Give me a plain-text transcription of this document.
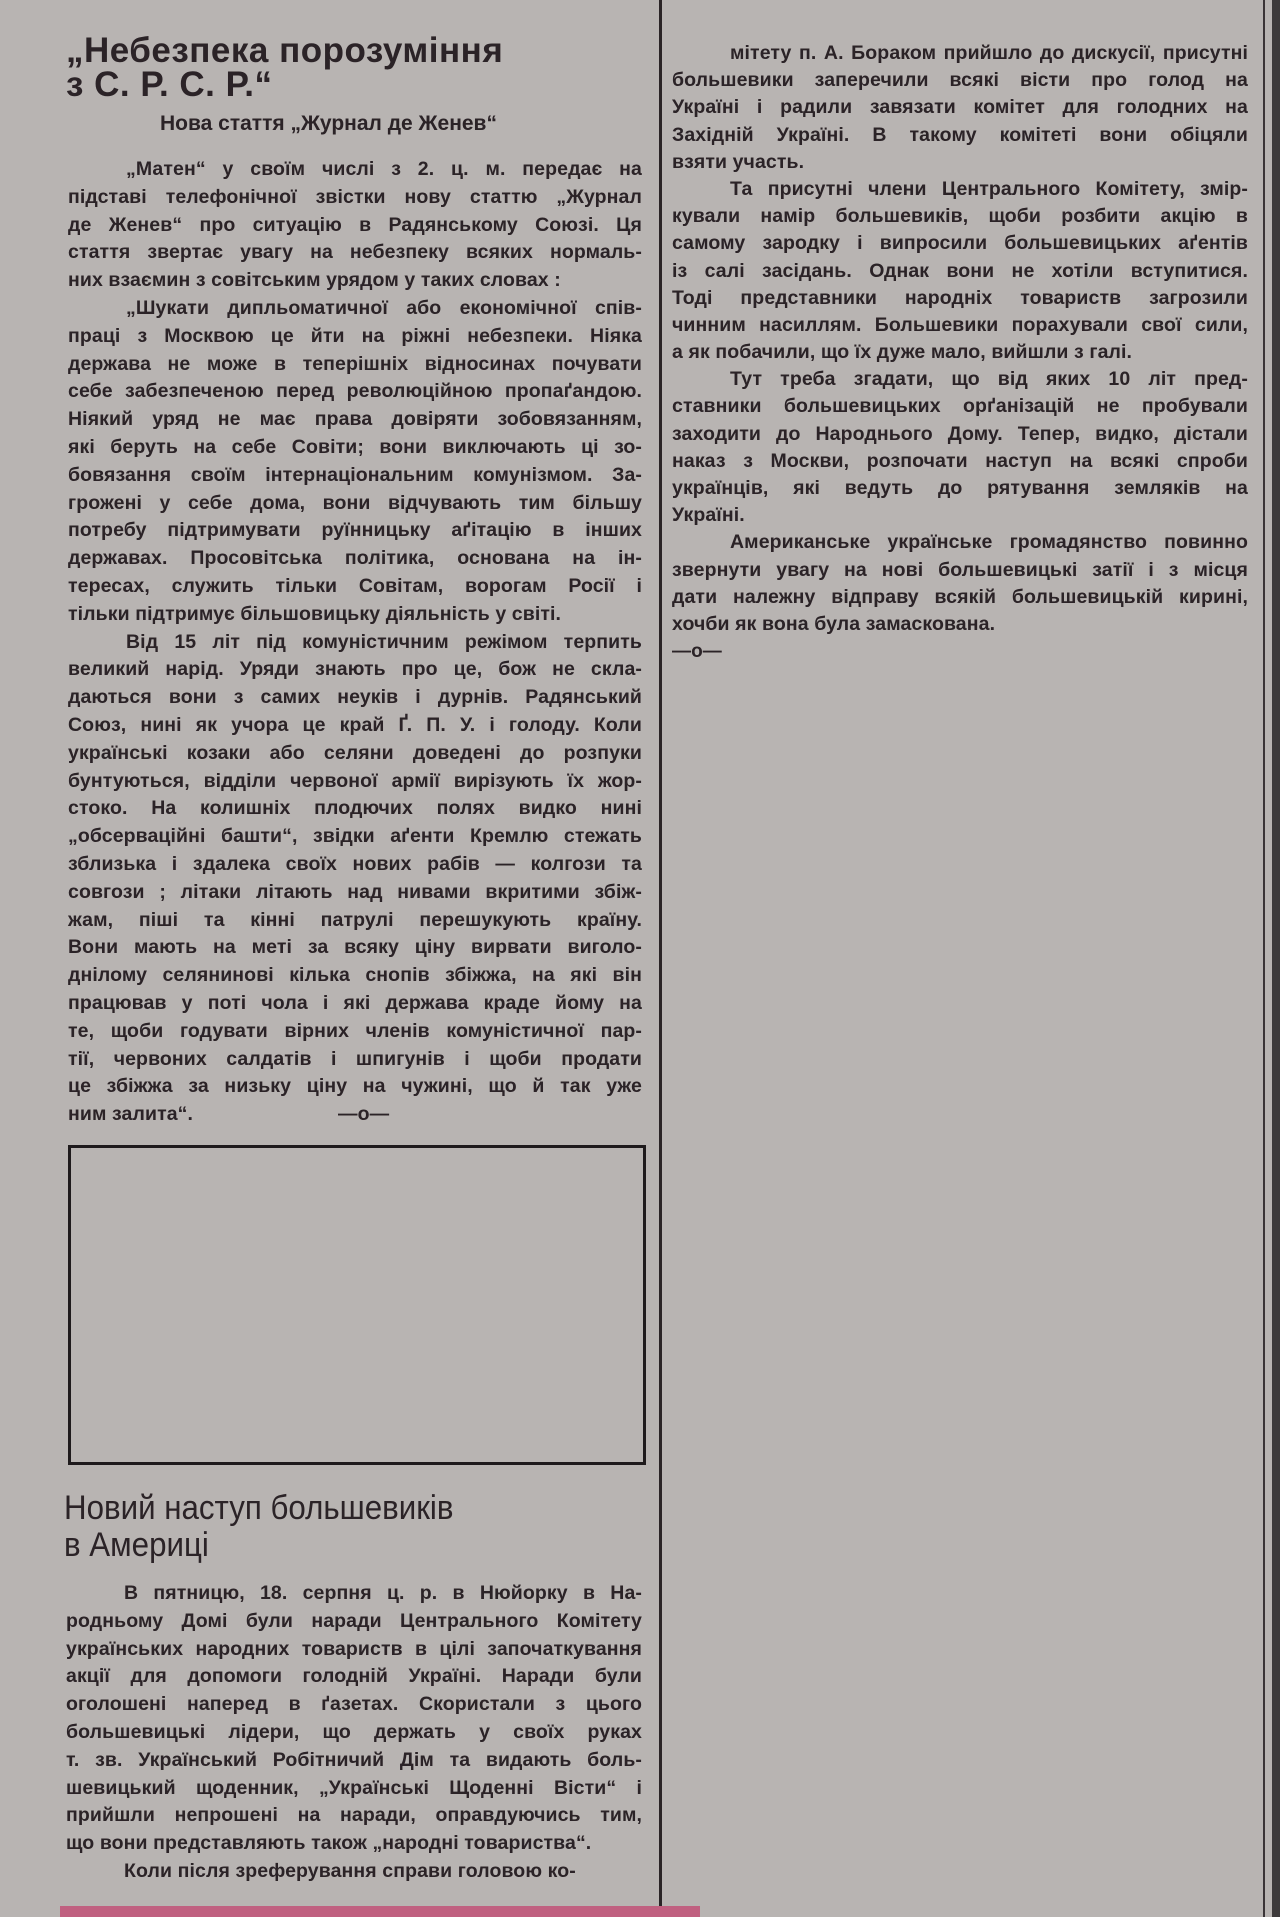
„Небезпека порозуміння
з С. Р. С. Р.“
Нова стаття „Журнал де Женев“
„Матен“ у своїм числі з 2. ц. м. передає на
підставі телефонічної звістки нову статтю „Журнал
де Женев“ про ситуацію в Радянському Союзі. Ця
стаття звертає увагу на небезпеку всяких нормаль-
них взаємин з совітським урядом у таких словах :
„Шукати дипльоматичної або економічної спів-
праці з Москвою це йти на ріжні небезпеки. Ніяка
держава не може в теперішніх відносинах почувати
себе забезпеченою перед революційною пропаґандою.
Ніякий уряд не має права довіряти зобовязанням,
які беруть на себе Совіти; вони виключають ці зо-
бовязання своїм інтернаціональним комунізмом. За-
грожені у себе дома, вони відчувають тим більшу
потребу підтримувати руїнницьку аґітацію в інших
державах. Просовітська політика, основана на ін-
тересах, служить тільки Совітам, ворогам Росії і
тільки підтримує більшовицьку діяльність у світі.
Від 15 літ під комуністичним режімом терпить
великий нарід. Уряди знають про це, бож не скла-
даються вони з самих неуків і дурнів. Радянський
Союз, нині як учора це край Ґ. П. У. і голоду. Коли
українські козаки або селяни доведені до розпуки
бунтуються, відділи червоної армії вирізують їх жор-
стоко. На колишніх плодючих полях видко нині
„обсерваційні башти“, звідки аґенти Кремлю стежать
зблизька і здалека своїх нових рабів — колгози та
совгози ; літаки літають над нивами вкритими збіж-
жам, піші та кінні патрулі перешукують країну.
Вони мають на меті за всяку ціну вирвати виголо-
днілому селянинові кілька снопів збіжжа, на які він
працював у поті чола і які держава краде йому на
те, щоби годувати вірних членів комуністичної пар-
тії, червоних салдатів і шпигунів і щоби продати
це збіжжа за низьку ціну на чужині, що й так уже
ним залита“.	—о—
Новий наступ большевиків
в Америці
В пятницю, 18. серпня ц. р. в Нюйорку в На-
родньому Домі були наради Центрального Комітету
українських народних товариств в цілі започаткування
акції для допомоги голодній Україні. Наради були
оголошені наперед в ґазетах. Скористали з цього
большевицькі лідери, що держать у своїх руках
т. зв. Український Робітничий Дім та видають боль-
шевицький щоденник, „Українські Щоденні Вісти“ і
прийшли непрошені на наради, оправдуючись тим,
що вони представляють також „народні товариства“.
Коли після зреферування справи головою ко-
мітету п. А. Бораком прийшло до дискусії, присутні
большевики заперечили всякі вісти про голод на
Україні і радили завязати комітет для голодних на
Західній Україні. В такому комітеті вони обіцяли
взяти участь.
Та присутні члени Центрального Комітету, змір-
кували намір большевиків, щоби розбити акцію в
самому зародку і випросили большевицьких аґентів
із салі засідань. Однак вони не хотіли вступитися.
Тоді представники народніх товариств загрозили
чинним насиллям. Большевики порахували свої сили,
а як побачили, що їх дуже мало, вийшли з галі.
Тут треба згадати, що від яких 10 літ пред-
ставники большевицьких орґанізацій не пробували
заходити до Народнього Дому. Тепер, видко, дістали
наказ з Москви, розпочати наступ на всякі спроби
українців, які ведуть до рятування земляків на
Україні.
Американське українське громадянство повинно
звернути увагу на нові большевицькі затії і з місця
дати належну відправу всякій большевицькій кирині,
хочби як вона була замаскована.
—о—
